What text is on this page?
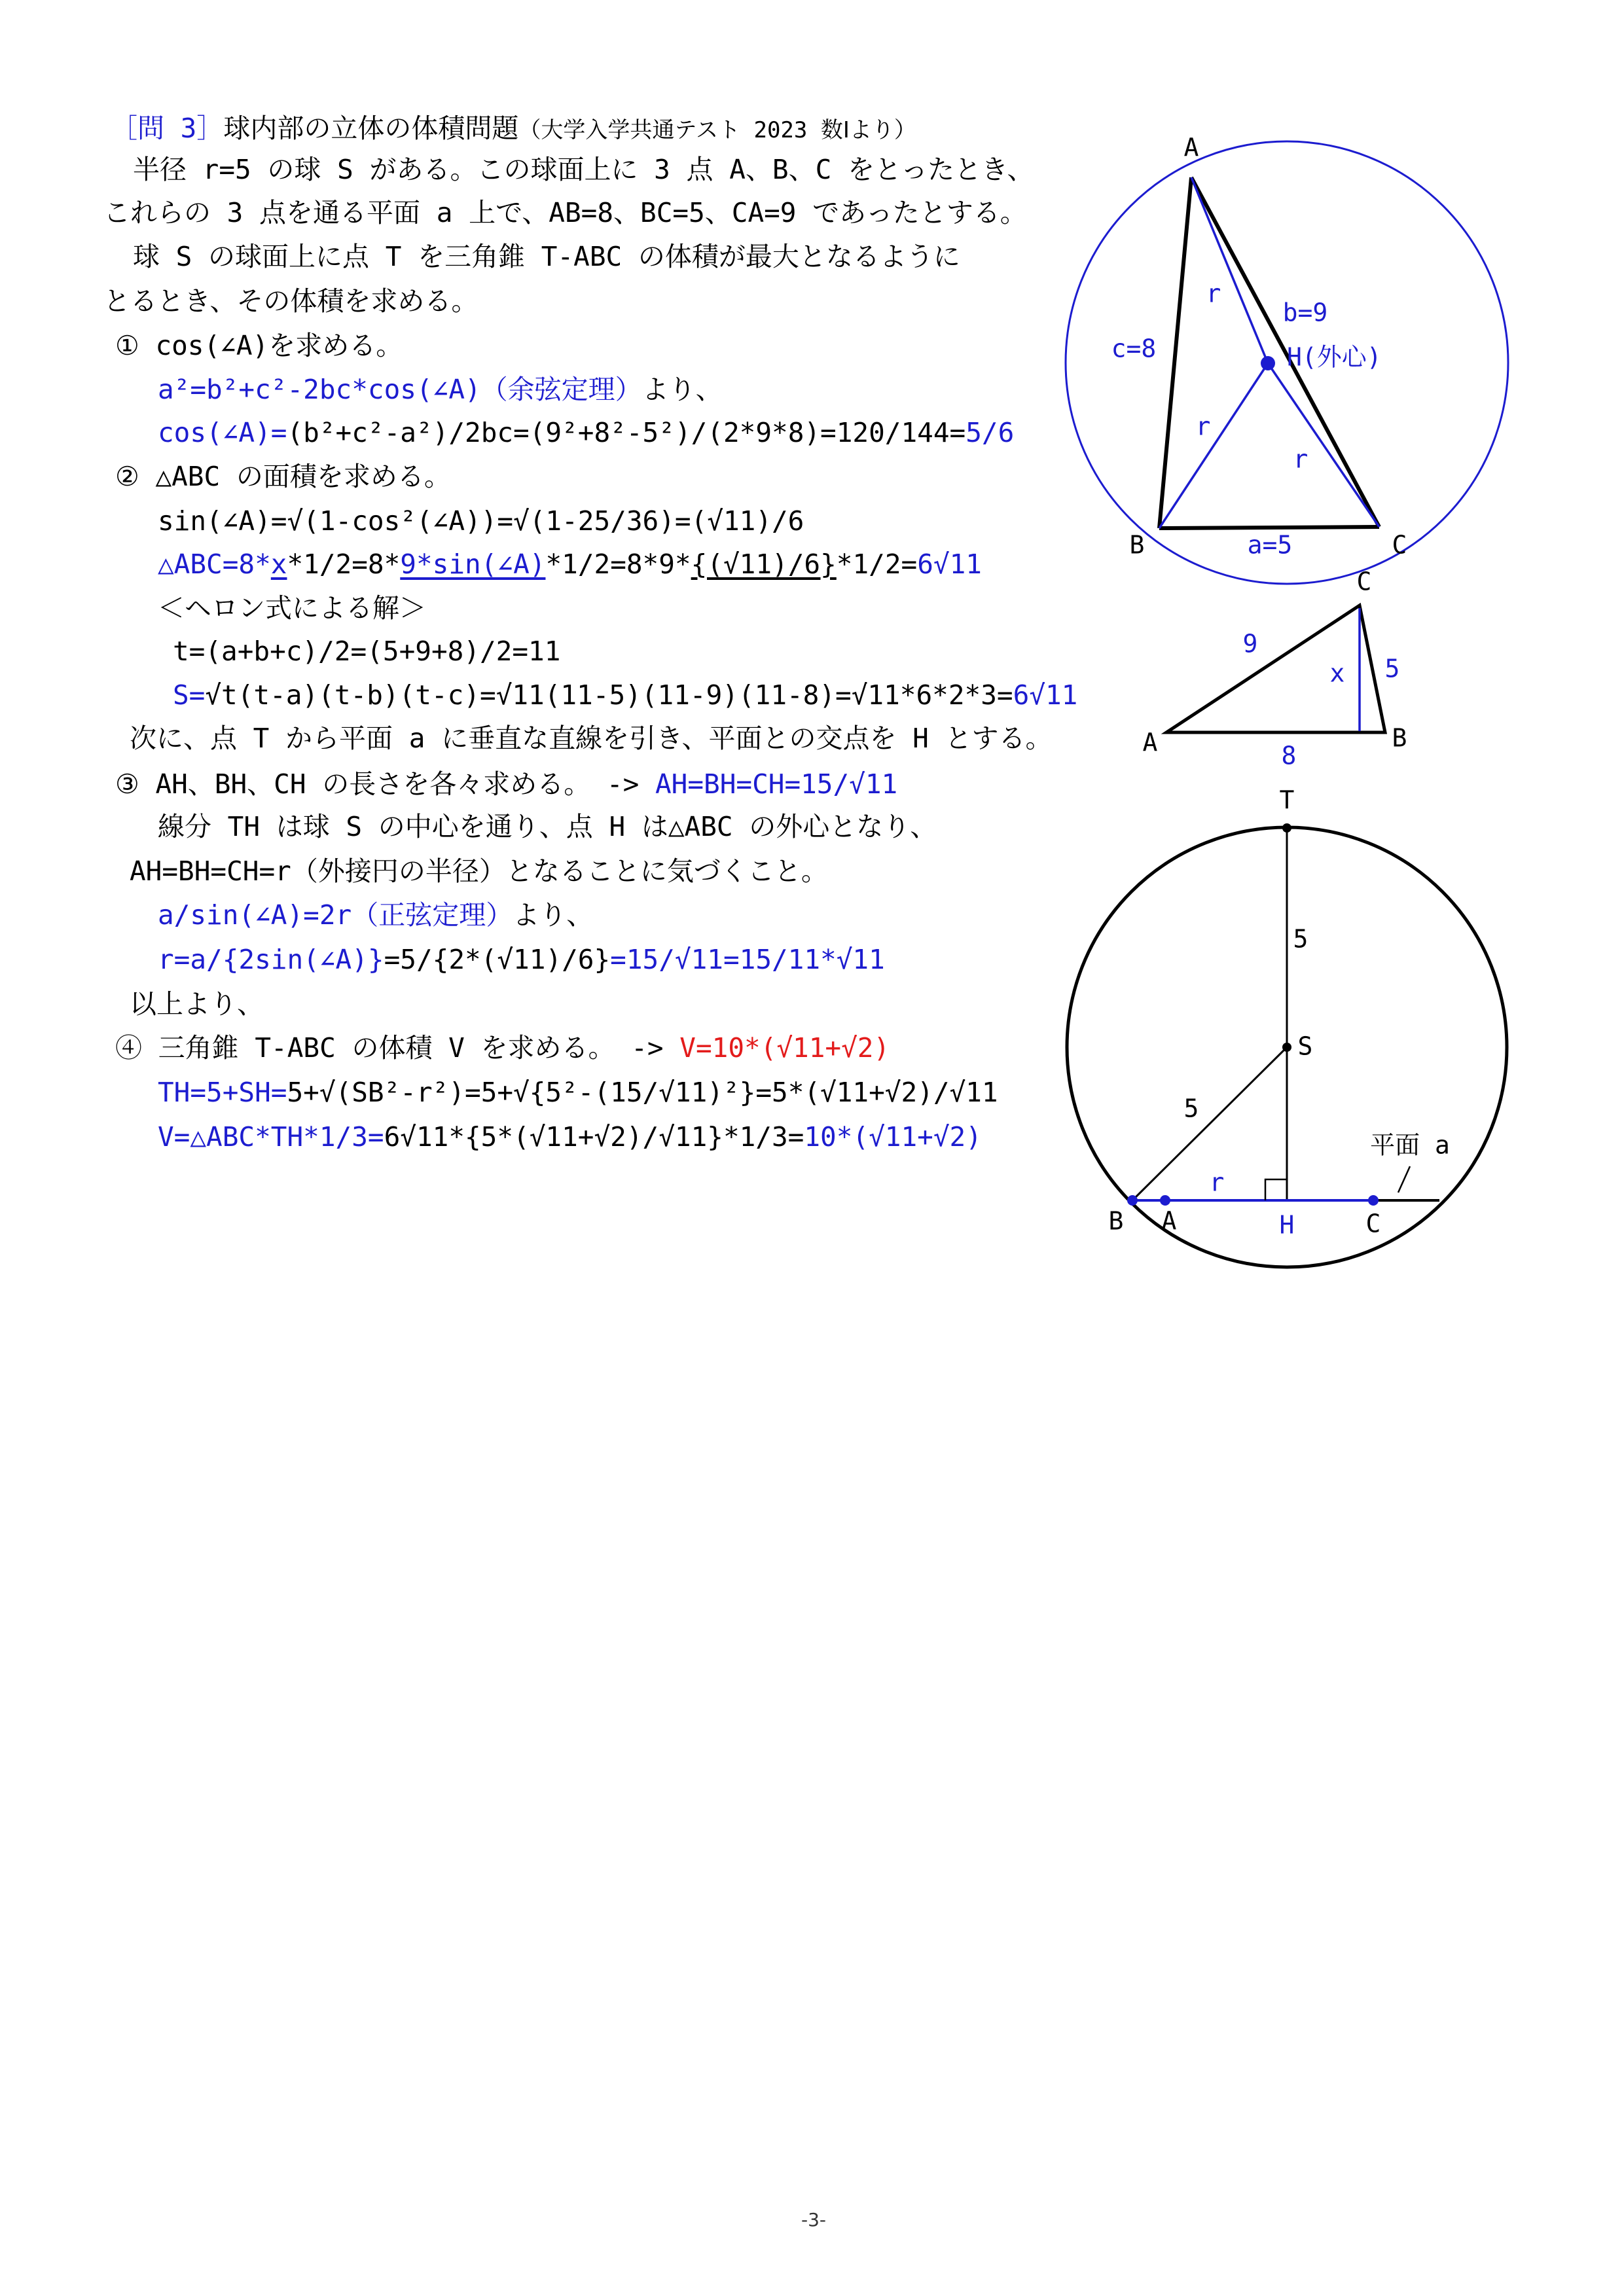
［問 3］球内部の立体の体積問題（大学入学共通テスト 2023 数Ⅰより）
半径 r=5 の球 S がある。この球面上に 3 点 A、B、C をとったとき、
これらの 3 点を通る平面 a 上で、AB=8、BC=5、CA=9 であったとする。
球 S の球面上に点 T を三角錐 T-ABC の体積が最大となるように
とるとき、その体積を求める。
① cos(∠A)を求める。
a²=b²+c²-2bc*cos(∠A)（余弦定理）より、
cos(∠A)=(b²+c²-a²)/2bc=(9²+8²-5²)/(2*9*8)=120/144=5/6
② △ABC の面積を求める。
sin(∠A)=√(1-cos²(∠A))=√(1-25/36)=(√11)/6
△ABC=8*x*1/2=8*9*sin(∠A)*1/2=8*9*{(√11)/6}*1/2=6√11
＜ヘロン式による解＞
t=(a+b+c)/2=(5+9+8)/2=11
S=√t(t-a)(t-b)(t-c)=√11(11-5)(11-9)(11-8)=√11*6*2*3=6√11
次に、点 T から平面 a に垂直な直線を引き、平面との交点を H とする。
③ AH、BH、CH の長さを各々求める。 -> AH=BH=CH=15/√11
線分 TH は球 S の中心を通り、点 H は△ABC の外心となり、
AH=BH=CH=r（外接円の半径）となることに気づくこと。
a/sin(∠A)=2r（正弦定理）より、
r=a/{2sin(∠A)}=5/{2*(√11)/6}=15/√11=15/11*√11
以上より、
④ 三角錐 T-ABC の体積 V を求める。 -> V=10*(√11+√2)
TH=5+SH=5+√(SB²-r²)=5+√{5²-(15/√11)²}=5*(√11+√2)/√11
V=△ABC*TH*1/3=6√11*{5*(√11+√2)/√11}*1/3=10*(√11+√2)
A
B	C
c=8
b=9
a=5
H(外心)
r
r
r
C
A	B
9
x 5
8
T
5
S
5
平面 a
r
B A	H	C
-3-
